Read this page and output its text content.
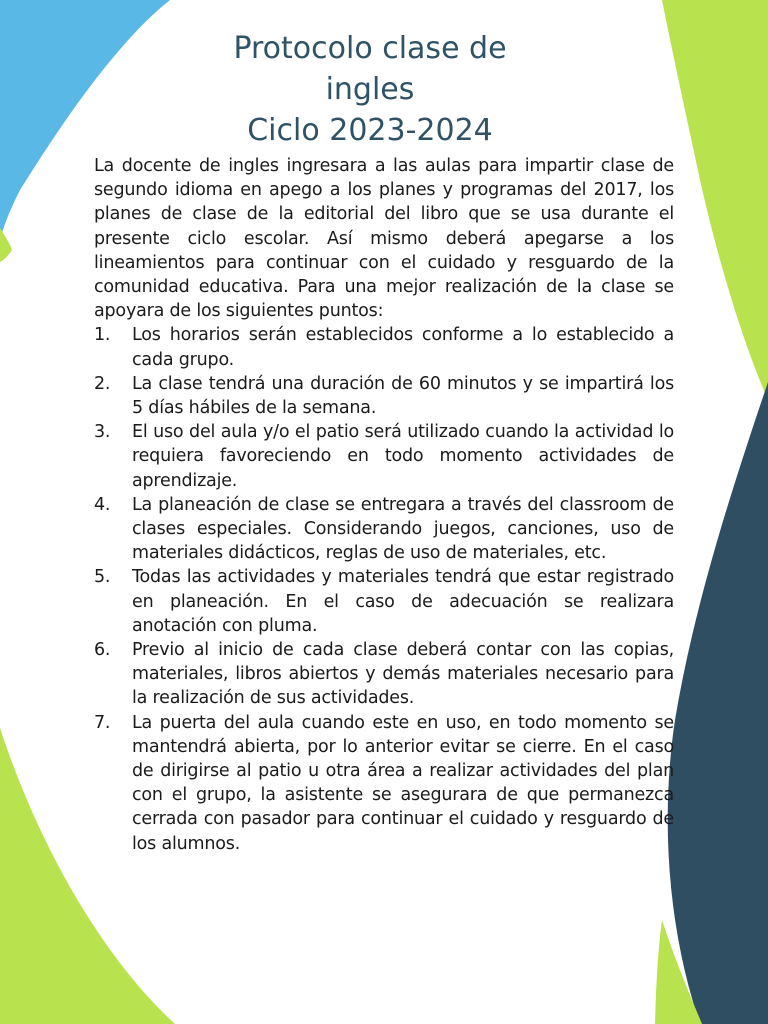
Protocolo clase de
ingles
Ciclo 2023-2024

La docente de ingles ingresara a las aulas para impartir clase de segundo idioma en apego a los planes y programas del 2017, los planes de clase de la editorial del libro que se usa durante el presente ciclo escolar. Así mismo deberá apegarse a los lineamientos para continuar con el cuidado y resguardo de la comunidad educativa. Para una mejor realización de la clase se apoyara de los siguientes puntos:

1. Los horarios serán establecidos conforme a lo establecido a cada grupo.
2. La clase tendrá una duración de 60 minutos y se impartirá los 5 días hábiles de la semana.
3. El uso del aula y/o el patio será utilizado cuando la actividad lo requiera favoreciendo en todo momento actividades de aprendizaje.
4. La planeación de clase se entregara a través del classroom de clases especiales. Considerando juegos, canciones, uso de materiales didácticos, reglas de uso de materiales, etc.
5. Todas las actividades y materiales tendrá que estar registrado en planeación. En el caso de adecuación se realizara anotación con pluma.
6. Previo al inicio de cada clase deberá contar con las copias, materiales, libros abiertos y demás materiales necesario para la realización de sus actividades.
7. La puerta del aula cuando este en uso, en todo momento se mantendrá abierta, por lo anterior evitar se cierre. En el caso de dirigirse al patio u otra área a realizar actividades del plan con el grupo, la asistente se asegurara de que permanezca cerrada con pasador para continuar el cuidado y resguardo de los alumnos.
